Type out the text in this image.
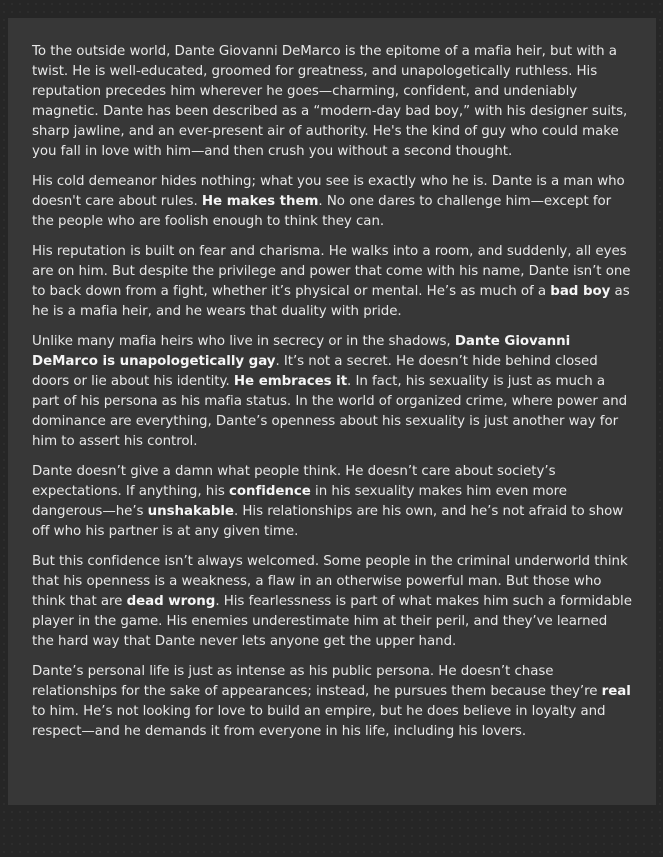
To the outside world, Dante Giovanni DeMarco is the epitome of a mafia heir, but with a twist. He is well-educated, groomed for greatness, and unapologetically ruthless. His reputation precedes him wherever he goes—charming, confident, and undeniably magnetic. Dante has been described as a “modern-day bad boy,” with his designer suits, sharp jawline, and an ever-present air of authority. He's the kind of guy who could make you fall in love with him—and then crush you without a second thought.

His cold demeanor hides nothing; what you see is exactly who he is. Dante is a man who doesn't care about rules. He makes them. No one dares to challenge him—except for the people who are foolish enough to think they can.

His reputation is built on fear and charisma. He walks into a room, and suddenly, all eyes are on him. But despite the privilege and power that come with his name, Dante isn’t one to back down from a fight, whether it’s physical or mental. He’s as much of a bad boy as he is a mafia heir, and he wears that duality with pride.

Unlike many mafia heirs who live in secrecy or in the shadows, Dante Giovanni DeMarco is unapologetically gay. It’s not a secret. He doesn’t hide behind closed doors or lie about his identity. He embraces it. In fact, his sexuality is just as much a part of his persona as his mafia status. In the world of organized crime, where power and dominance are everything, Dante’s openness about his sexuality is just another way for him to assert his control.

Dante doesn’t give a damn what people think. He doesn’t care about society’s expectations. If anything, his confidence in his sexuality makes him even more dangerous—he’s unshakable. His relationships are his own, and he’s not afraid to show off who his partner is at any given time.

But this confidence isn’t always welcomed. Some people in the criminal underworld think that his openness is a weakness, a flaw in an otherwise powerful man. But those who think that are dead wrong. His fearlessness is part of what makes him such a formidable player in the game. His enemies underestimate him at their peril, and they’ve learned the hard way that Dante never lets anyone get the upper hand.

Dante’s personal life is just as intense as his public persona. He doesn’t chase relationships for the sake of appearances; instead, he pursues them because they’re real to him. He’s not looking for love to build an empire, but he does believe in loyalty and respect—and he demands it from everyone in his life, including his lovers.
